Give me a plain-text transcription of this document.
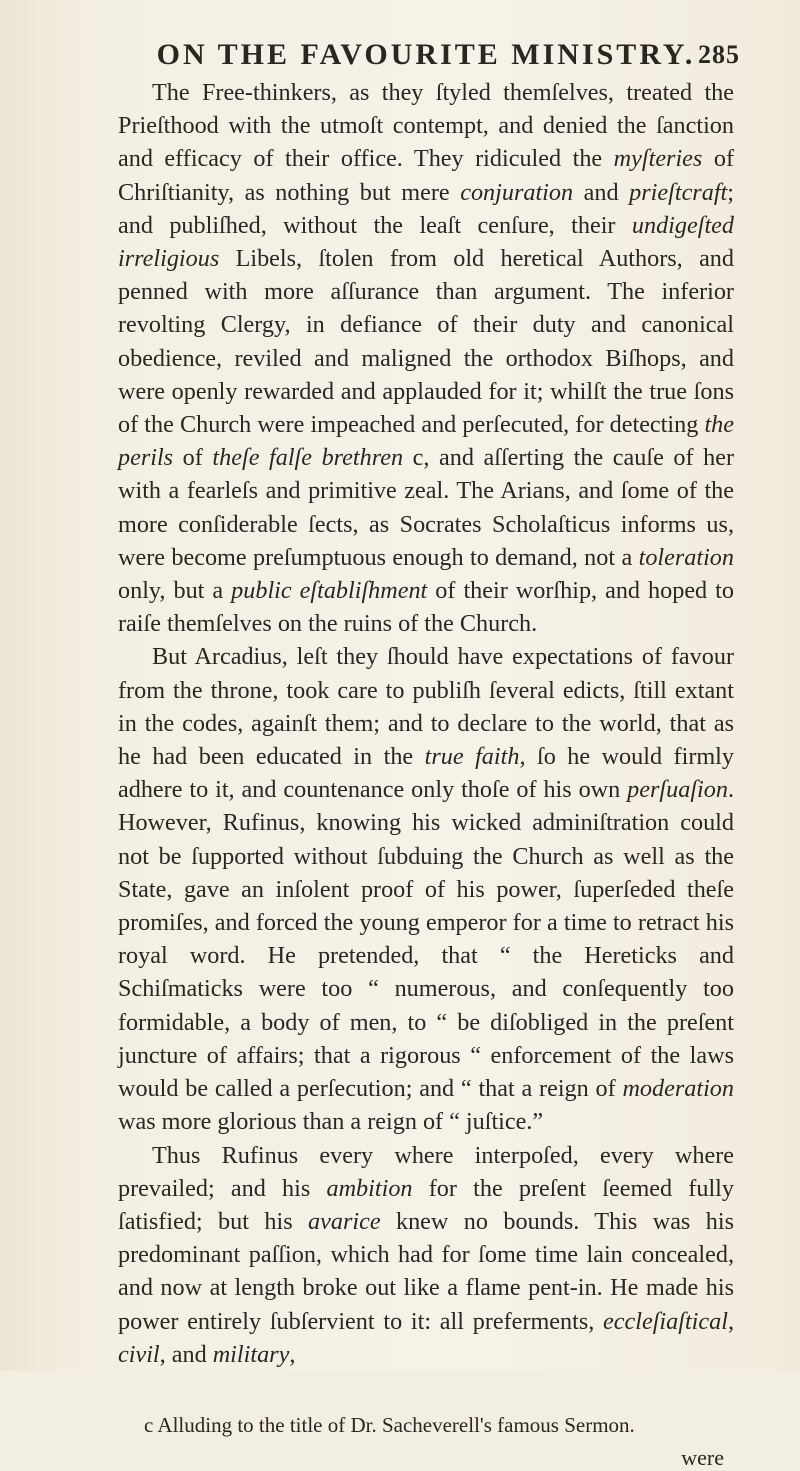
ON THE FAVOURITE MINISTRY. 285

The Free-thinkers, as they ſtyled themſelves, treated the Prieſthood with the utmoſt contempt, and denied the ſanction and efficacy of their office. They ridiculed the myſteries of Chriſtianity, as nothing but mere conjuration and prieſtcraft; and publiſhed, without the leaſt cenſure, their undigeſted irreligious Libels, ſtolen from old heretical Authors, and penned with more aſſurance than argument. The inferior revolting Clergy, in defiance of their duty and canonical obedience, reviled and maligned the orthodox Biſhops, and were openly rewarded and applauded for it; whilſt the true ſons of the Church were impeached and perſecuted, for detecting the perils of theſe falſe brethren c, and aſſerting the cauſe of her with a fearleſs and primitive zeal. The Arians, and ſome of the more conſiderable ſects, as Socrates Scholaſticus informs us, were become preſumptuous enough to demand, not a toleration only, but a public eſtabliſhment of their worſhip, and hoped to raiſe themſelves on the ruins of the Church.

But Arcadius, leſt they ſhould have expectations of favour from the throne, took care to publiſh ſeveral edicts, ſtill extant in the codes, againſt them; and to declare to the world, that as he had been educated in the true faith, ſo he would firmly adhere to it, and countenance only thoſe of his own perſuaſion. However, Rufinus, knowing his wicked adminiſtration could not be ſupported without ſubduing the Church as well as the State, gave an inſolent proof of his power, ſuperſeded theſe promiſes, and forced the young emperor for a time to retract his royal word. He pretended, that “ the Hereticks and Schiſmaticks were too “ numerous, and conſequently too formidable, a body of men, to “ be diſobliged in the preſent juncture of affairs; that a rigorous “ enforcement of the laws would be called a perſecution; and “ that a reign of moderation was more glorious than a reign of “ juſtice.”

Thus Rufinus every where interpoſed, every where prevailed; and his ambition for the preſent ſeemed fully ſatisfied; but his avarice knew no bounds. This was his predominant paſſion, which had for ſome time lain concealed, and now at length broke out like a flame pent-in. He made his power entirely ſubſervient to it: all preferments, eccleſiaſtical, civil, and military,

c Alluding to the title of Dr. Sacheverell's famous Sermon.
were
